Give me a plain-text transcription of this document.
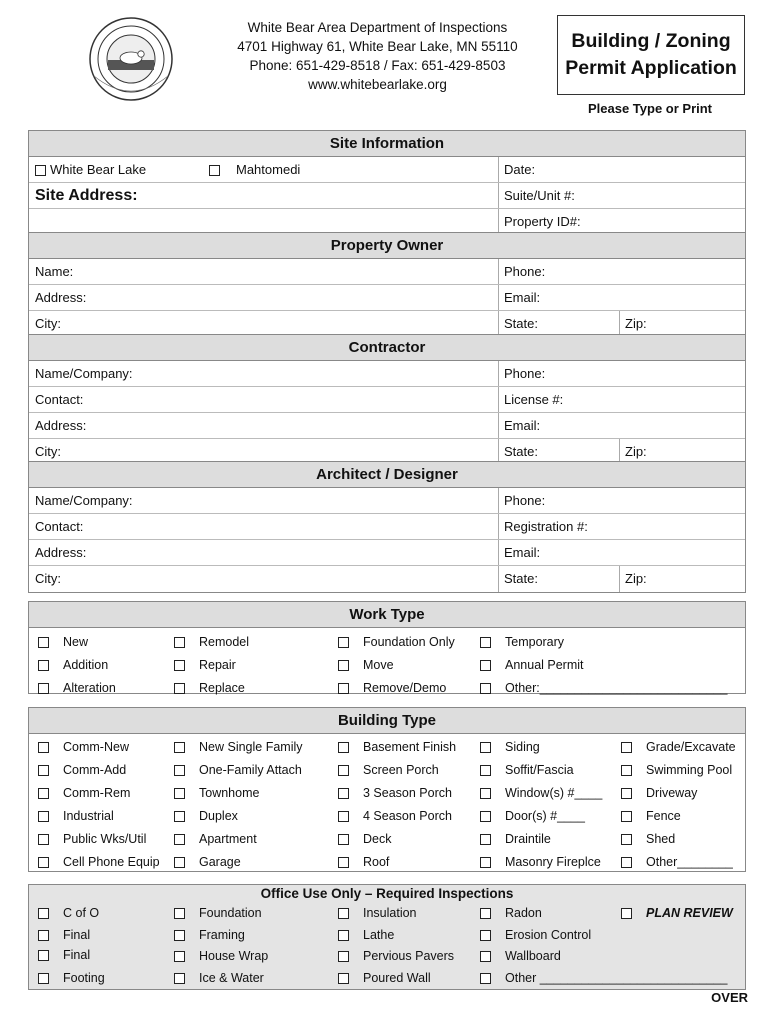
White Bear Area Department of Inspections
4701 Highway 61, White Bear Lake, MN 55110
Phone: 651-429-8518 / Fax: 651-429-8503
www.whitebearlake.org
Building / Zoning
Permit Application
Please Type or Print
Site Information
White Bear Lake	Mahtomedi	Date:
Site Address:	Suite/Unit #:
Property ID#:
Property Owner
Name:	Phone:
Address:	Email:
City:	State:	Zip:
Contractor
Name/Company:	Phone:
Contact:	License #:
Address:	Email:
City:	State:	Zip:
Architect / Designer
Name/Company:	Phone:
Contact:	Registration #:
Address:	Email:
City:	State:	Zip:
Work Type
New	Remodel	Foundation Only	Temporary
Addition	Repair	Move	Annual Permit
Alteration	Replace	Remove/Demo	Other:___________________________
Building Type
Comm-New	New Single Family	Basement Finish	Siding	Grade/Excavate
Comm-Add	One-Family Attach	Screen Porch	Soffit/Fascia	Swimming Pool
Comm-Rem	Townhome	3 Season Porch	Window(s) #____	Driveway
Industrial	Duplex	4 Season Porch	Door(s) #____	Fence
Public Wks/Util	Apartment	Deck	Draintile	Shed
Cell Phone Equip	Garage	Roof	Masonry Fireplce	Other________
Office Use Only – Required Inspections
C of O	Foundation	Insulation	Radon	PLAN REVIEW
Final	Framing	Lathe	Erosion Control
Final	House Wrap	Pervious Pavers	Wallboard
Footing	Ice & Water	Poured Wall	Other ___________________________
OVER
